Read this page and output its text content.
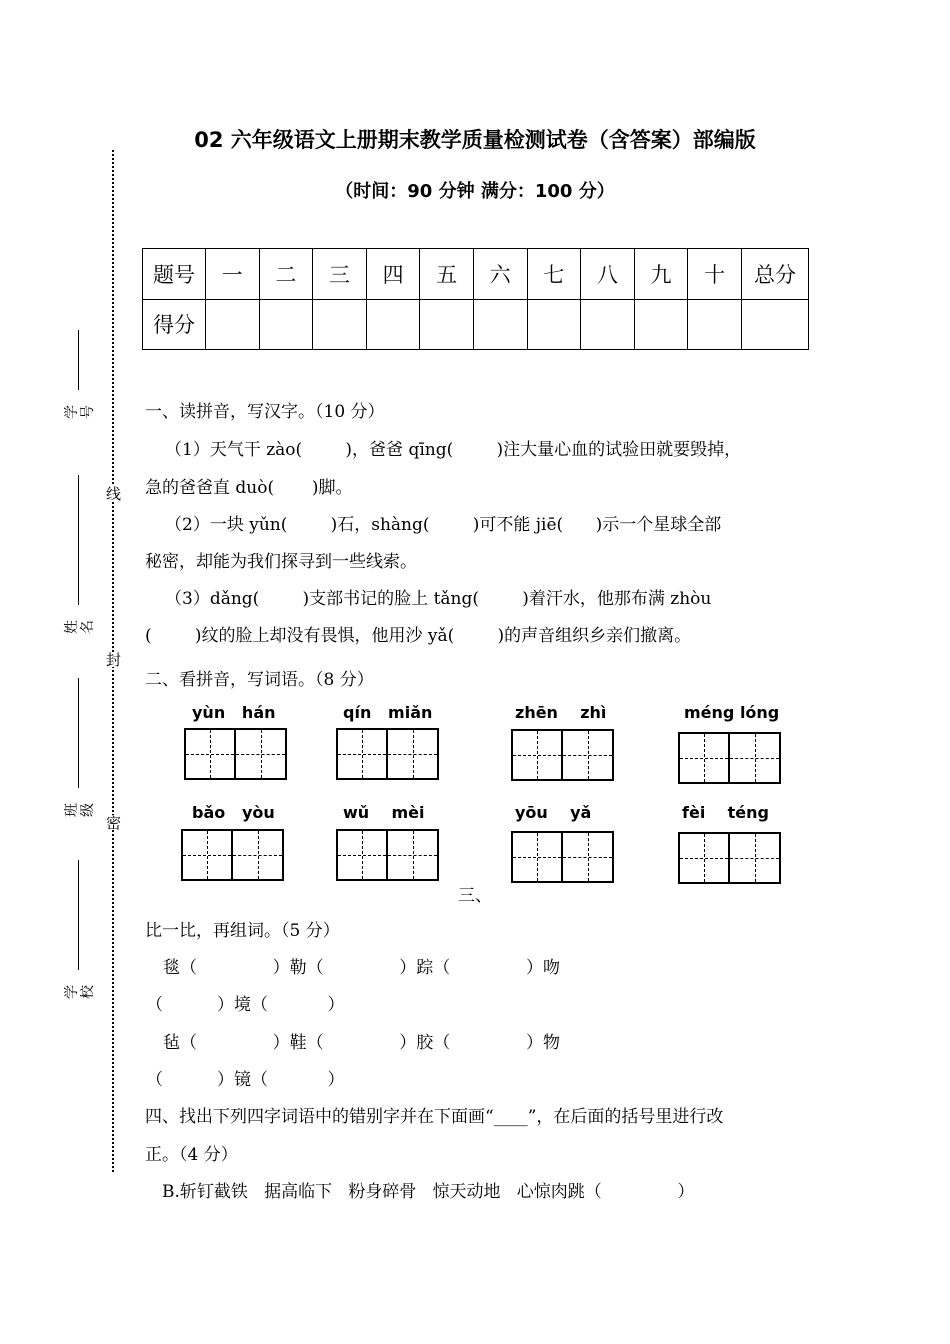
线
封
密
学号
姓名
班级
学校
02 六年级语文上册期末教学质量检测试卷（含答案）部编版
（时间：90 分钟 满分：100 分）
题号	一	二	三	四	五	六	七	八	九	十	总分
得分											
一、读拼音，写汉字。（10 分）
（1）天气干 zào(        )，爸爸 qīng(        )注大量心血的试验田就要毁掉，
急的爸爸直 duò(       )脚。
（2）一块 yǔn(        )石，shàng(        )可不能 jiē(      )示一个星球全部
秘密，却能为我们探寻到一些线索。
（3）dǎng(        )支部书记的脸上 tǎng(        )着汗水，他那布满 zhòu
(        )纹的脸上却没有畏惧，他用沙 yǎ(        )的声音组织乡亲们撤离。
二、看拼音，写词语。（8 分）
yùn   hán	qín   miǎn	zhēn    zhì	méng lóng
bǎo   yòu	wǔ    mèi	yōu    yǎ	fèi    téng
三、
比一比，再组词。（5 分）
毯（              ）勒（              ）踪（              ）吻
（          ）境（           ）
毡（              ）鞋（              ）胶（              ）物
（          ）镜（           ）
四、找出下列四字词语中的错别字并在下面画“____”，在后面的括号里进行改
正。（4 分）
B.斩钉截铁   据高临下   粉身碎骨   惊天动地   心惊肉跳（              ）
